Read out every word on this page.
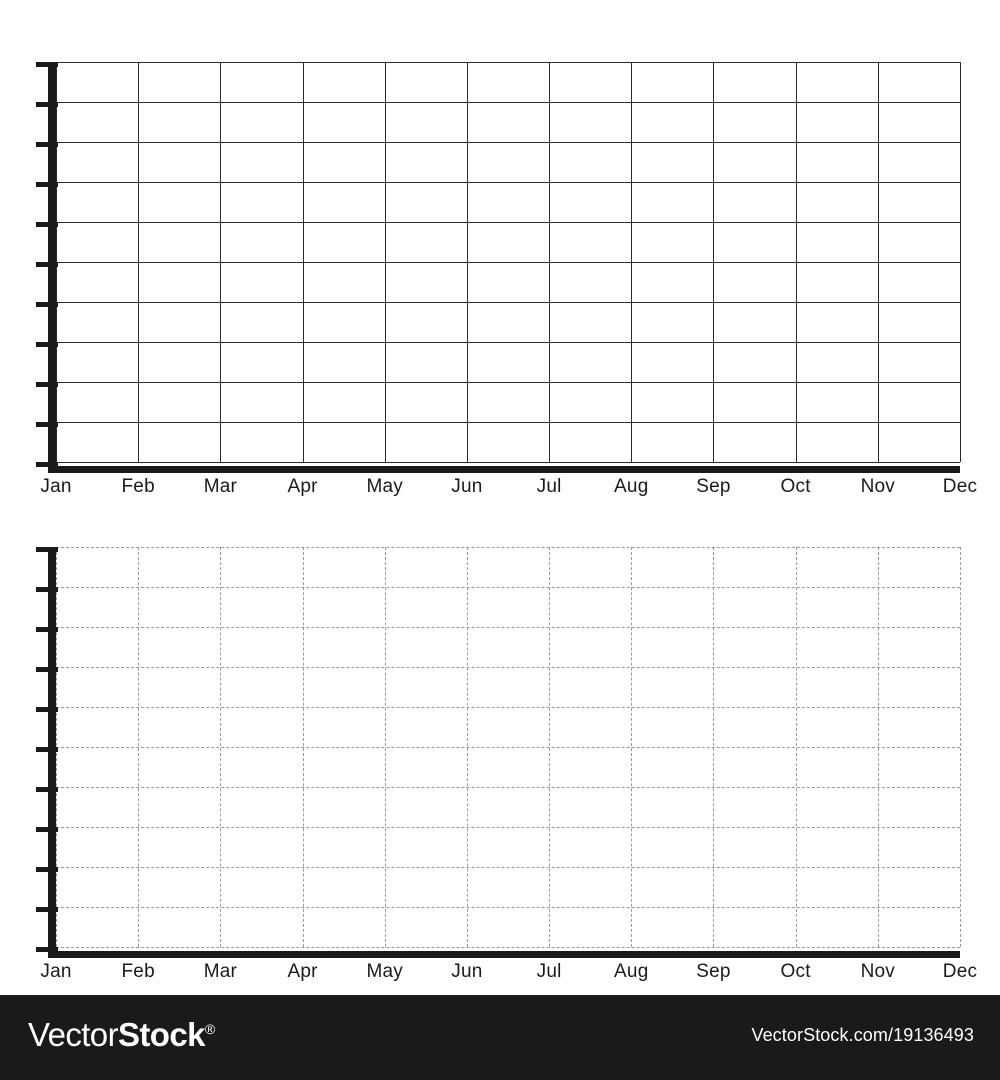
Jan	Feb	Mar	Apr	May	Jun	Jul	Aug	Sep	Oct	Nov	Dec
Jan	Feb	Mar	Apr	May	Jun	Jul	Aug	Sep	Oct	Nov	Dec
VectorStock®	VectorStock.com/19136493
